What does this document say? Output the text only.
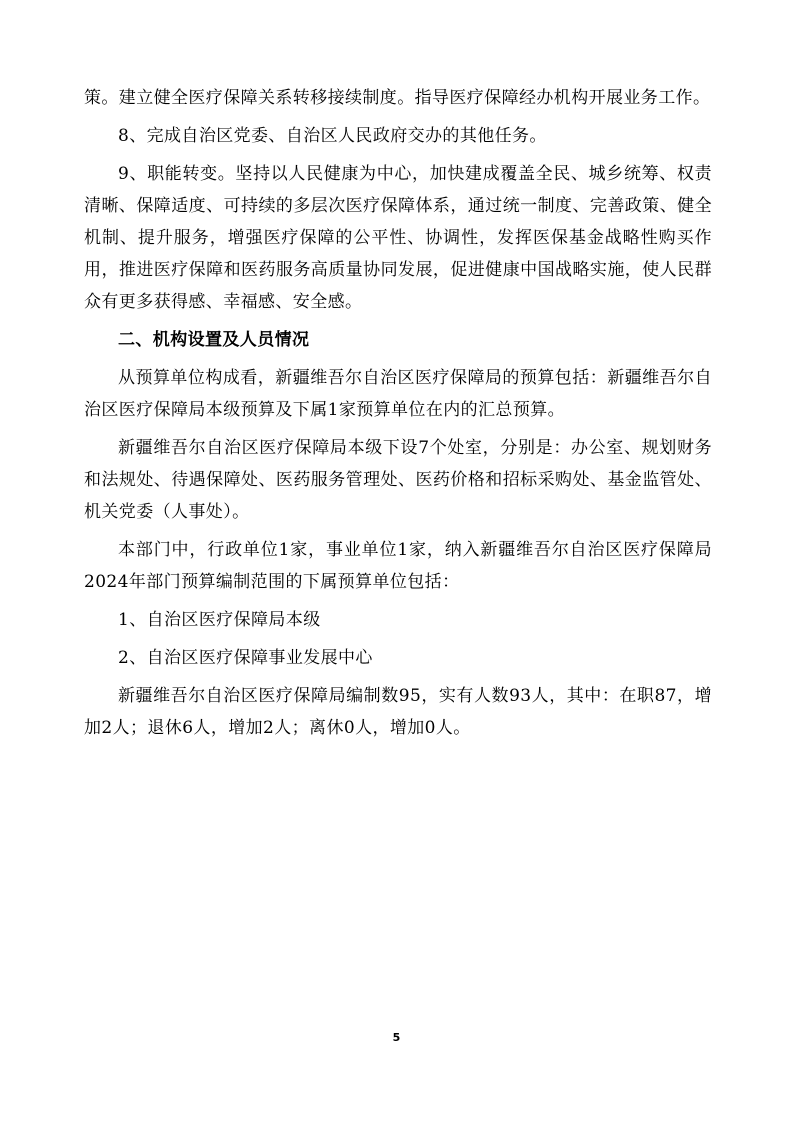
策。建立健全医疗保障关系转移接续制度。指导医疗保障经办机构开展业务工作。

8、完成自治区党委、自治区人民政府交办的其他任务。

9、职能转变。坚持以人民健康为中心，加快建成覆盖全民、城乡统筹、权责清晰、保障适度、可持续的多层次医疗保障体系，通过统一制度、完善政策、健全机制、提升服务，增强医疗保障的公平性、协调性，发挥医保基金战略性购买作用，推进医疗保障和医药服务高质量协同发展，促进健康中国战略实施，使人民群众有更多获得感、幸福感、安全感。

二、机构设置及人员情况

从预算单位构成看，新疆维吾尔自治区医疗保障局的预算包括：新疆维吾尔自治区医疗保障局本级预算及下属1家预算单位在内的汇总预算。

新疆维吾尔自治区医疗保障局本级下设7个处室，分别是：办公室、规划财务和法规处、待遇保障处、医药服务管理处、医药价格和招标采购处、基金监管处、机关党委（人事处）。

本部门中，行政单位1家，事业单位1家，纳入新疆维吾尔自治区医疗保障局2024年部门预算编制范围的下属预算单位包括：

1、自治区医疗保障局本级

2、自治区医疗保障事业发展中心

新疆维吾尔自治区医疗保障局编制数95，实有人数93人，其中：在职87，增加2人；退休6人，增加2人；离休0人，增加0人。

5
